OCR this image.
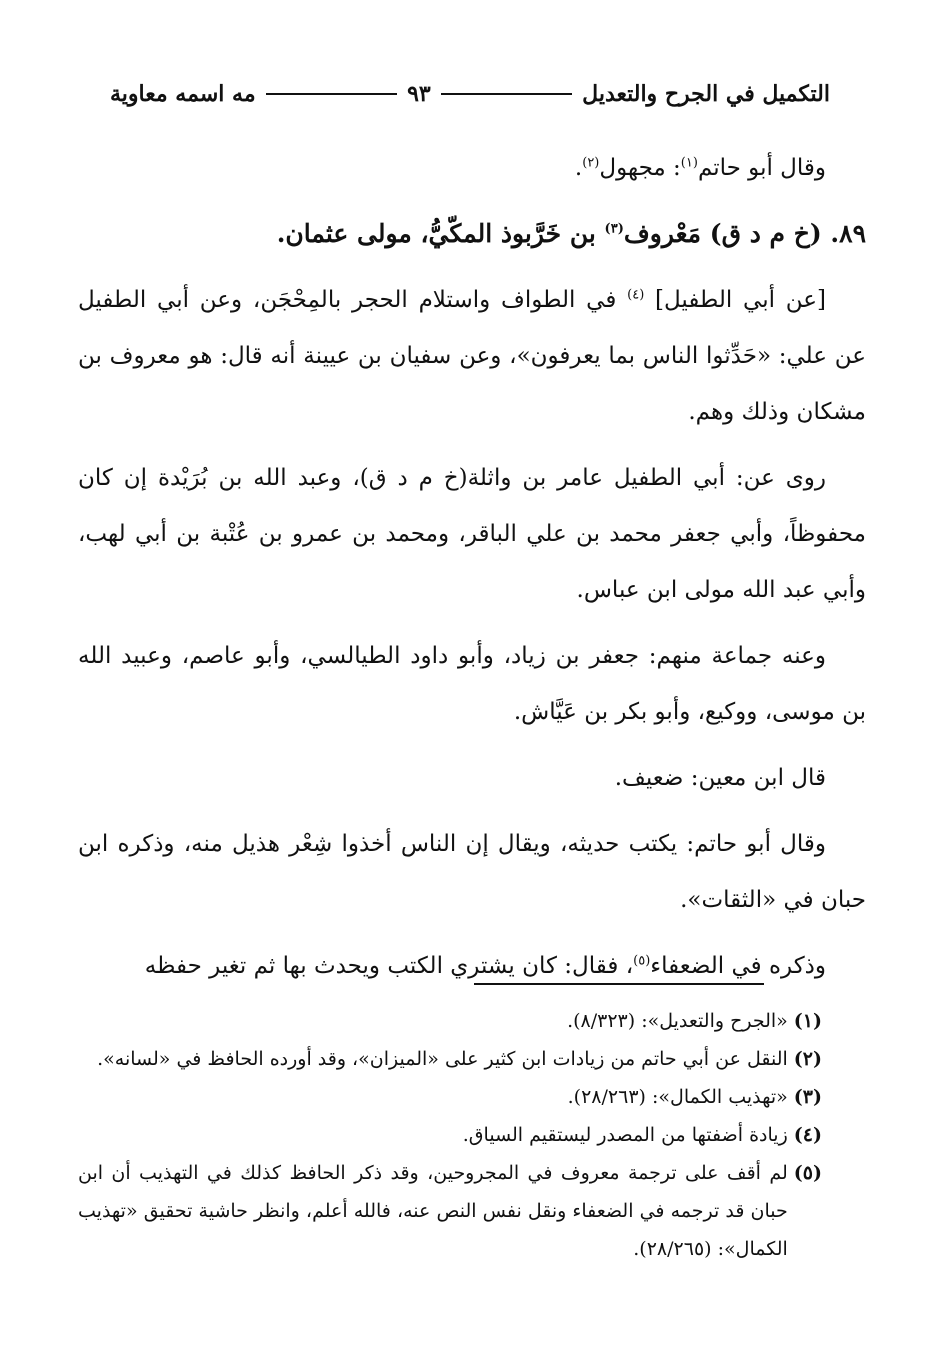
التكميل في الجرح والتعديل
٩٣
مه اسمه معاوية

وقال أبو حاتم$^{(١)}$: مجهول$^{(٢)}$.

٨٩. (خ م د ق) مَعْروف$^{(٣)}$ بن خَرَّبوذ المكّيُّ، مولى عثمان.

[عن أبي الطفيل] $^{(٤)}$ في الطواف واستلام الحجر بالمِحْجَن، وعن أبي الطفيل عن علي: «حَدِّثوا الناس بما يعرفون»، وعن سفيان بن عيينة أنه قال: هو معروف بن مشكان وذلك وهم.

روى عن: أبي الطفيل عامر بن واثلة(خ م د ق)، وعبد الله بن بُرَيْدة إن كان محفوظاً، وأبي جعفر محمد بن علي الباقر، ومحمد بن عمرو بن عُتْبة بن أبي لهب، وأبي عبد الله مولى ابن عباس.

وعنه جماعة منهم: جعفر بن زياد، وأبو داود الطيالسي، وأبو عاصم، وعبيد الله بن موسى، ووكيع، وأبو بكر بن عَيَّاش.

قال ابن معين: ضعيف.

وقال أبو حاتم: يكتب حديثه، ويقال إن الناس أخذوا شِعْر هذيل منه، وذكره ابن حبان في «الثقات».

وذكره في الضعفاء$^{(٥)}$، فقال: كان يشتري الكتب ويحدث بها ثم تغير حفظه

(١)
«الجرح والتعديل»: (٨/٣٢٣).
(٢)
النقل عن أبي حاتم من زيادات ابن كثير على «الميزان»، وقد أورده الحافظ في «لسانه».
(٣)
«تهذيب الكمال»: (٢٨/٢٦٣).
(٤)
زيادة أضفتها من المصدر ليستقيم السياق.
(٥)
لم أقف على ترجمة معروف في المجروحين، وقد ذكر الحافظ كذلك في التهذيب أن ابن حبان قد ترجمه في الضعفاء ونقل نفس النص عنه، فالله أعلم، وانظر حاشية تحقيق «تهذيب الكمال»: (٢٨/٢٦٥).
